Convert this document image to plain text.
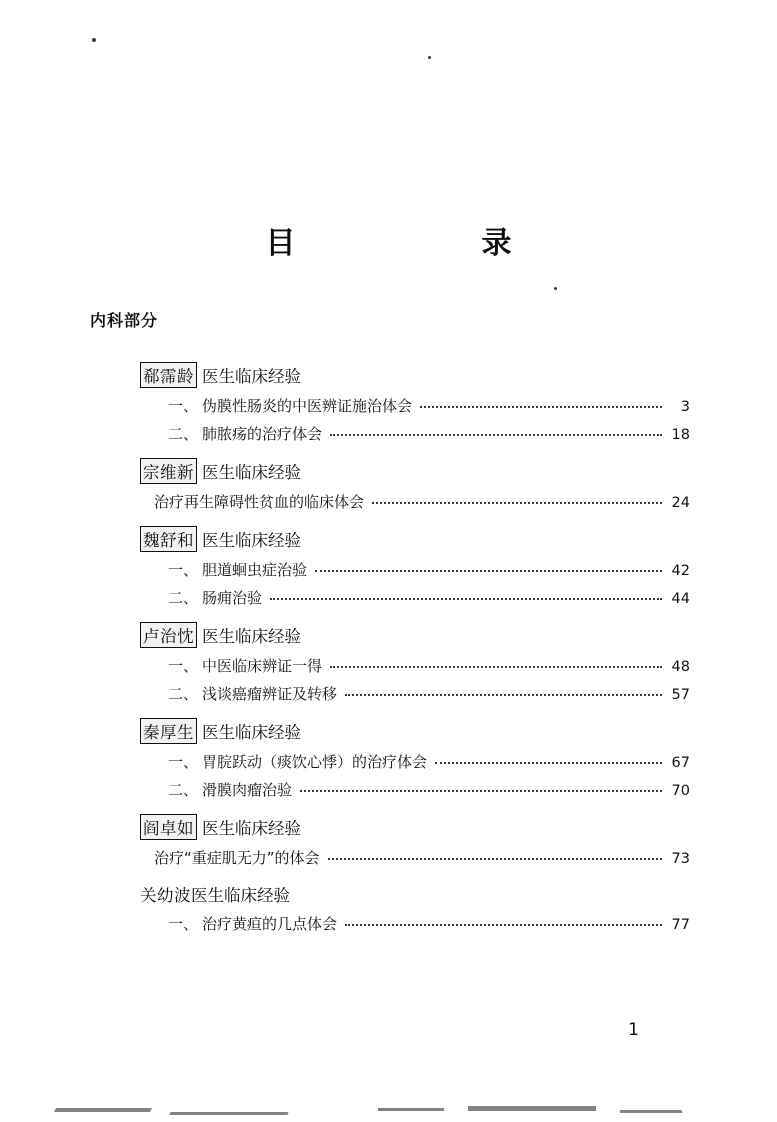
目　　录
内科部分
郗霈龄 医生临床经验
一、 伪膜性肠炎的中医辨证施治体会	3
二、 肺脓疡的治疗体会	18
宗维新 医生临床经验
治疗再生障碍性贫血的临床体会	24
魏舒和 医生临床经验
一、 胆道蛔虫症治验	42
二、 肠痈治验	44
卢治忱 医生临床经验
一、 中医临床辨证一得	48
二、 浅谈癌瘤辨证及转移	57
秦厚生 医生临床经验
一、 胃脘跃动（痰饮心悸）的治疗体会	67
二、 滑膜肉瘤治验	70
阎卓如 医生临床经验
治疗“重症肌无力”的体会	73
关幼波医生临床经验
一、 治疗黄疸的几点体会	77
1
